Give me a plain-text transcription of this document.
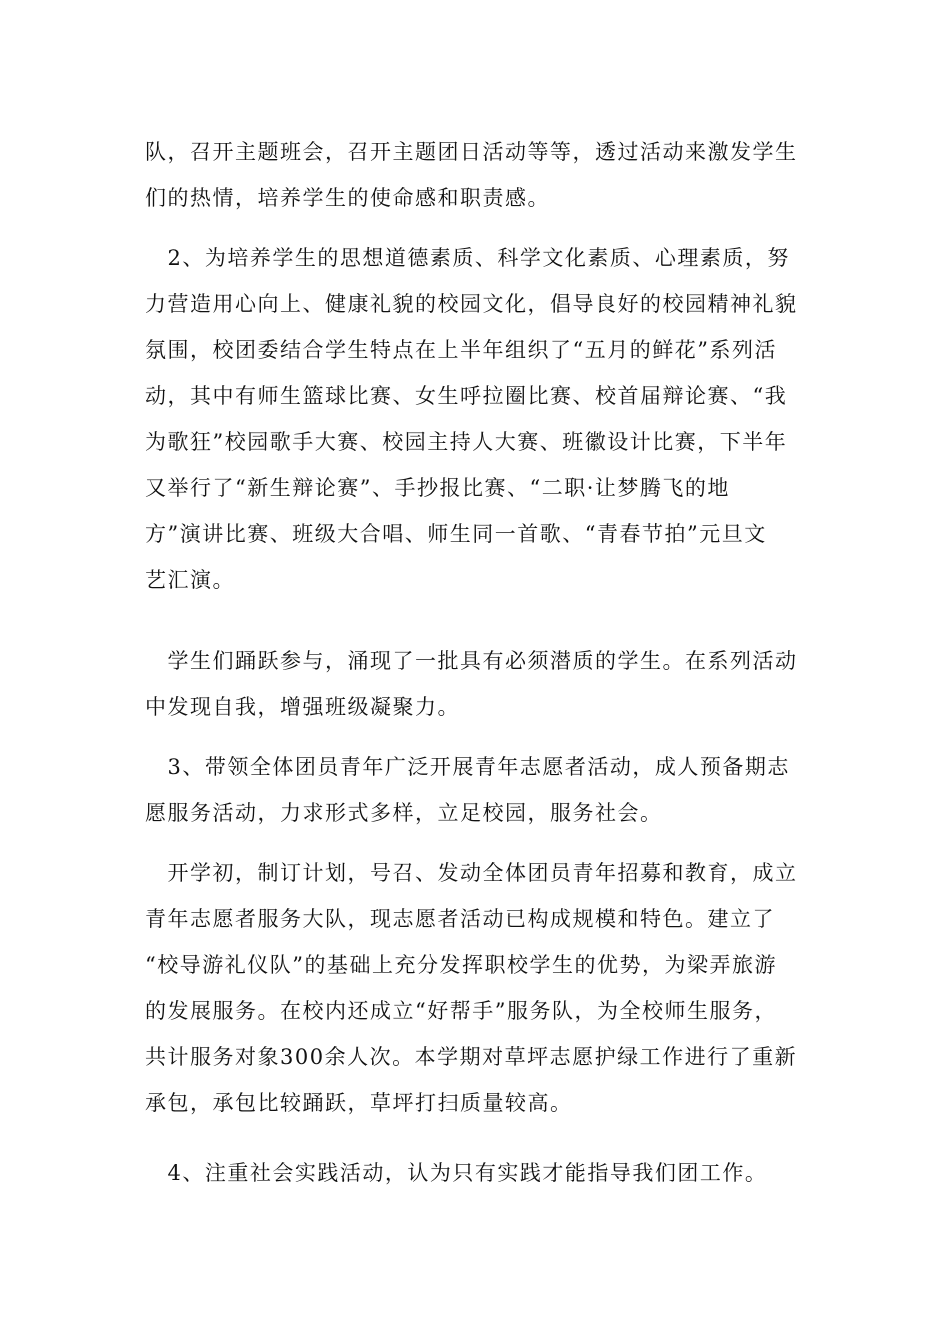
队，召开主题班会，召开主题团日活动等等，透过活动来激发学生
们的热情，培养学生的使命感和职责感。
　2、为培养学生的思想道德素质、科学文化素质、心理素质，努
力营造用心向上、健康礼貌的校园文化，倡导良好的校园精神礼貌
氛围，校团委结合学生特点在上半年组织了“五月的鲜花”系列活
动，其中有师生篮球比赛、女生呼拉圈比赛、校首届辩论赛、“我
为歌狂”校园歌手大赛、校园主持人大赛、班徽设计比赛，下半年
又举行了“新生辩论赛”、手抄报比赛、“二职·让梦腾飞的地
方”演讲比赛、班级大合唱、师生同一首歌、“青春节拍”元旦文
艺汇演。
　学生们踊跃参与，涌现了一批具有必须潜质的学生。在系列活动
中发现自我，增强班级凝聚力。
　3、带领全体团员青年广泛开展青年志愿者活动，成人预备期志
愿服务活动，力求形式多样，立足校园，服务社会。
　开学初，制订计划，号召、发动全体团员青年招募和教育，成立
青年志愿者服务大队，现志愿者活动已构成规模和特色。建立了
“校导游礼仪队”的基础上充分发挥职校学生的优势，为梁弄旅游
的发展服务。在校内还成立“好帮手”服务队，为全校师生服务，
共计服务对象300余人次。本学期对草坪志愿护绿工作进行了重新
承包，承包比较踊跃，草坪打扫质量较高。
　4、注重社会实践活动，认为只有实践才能指导我们团工作。
